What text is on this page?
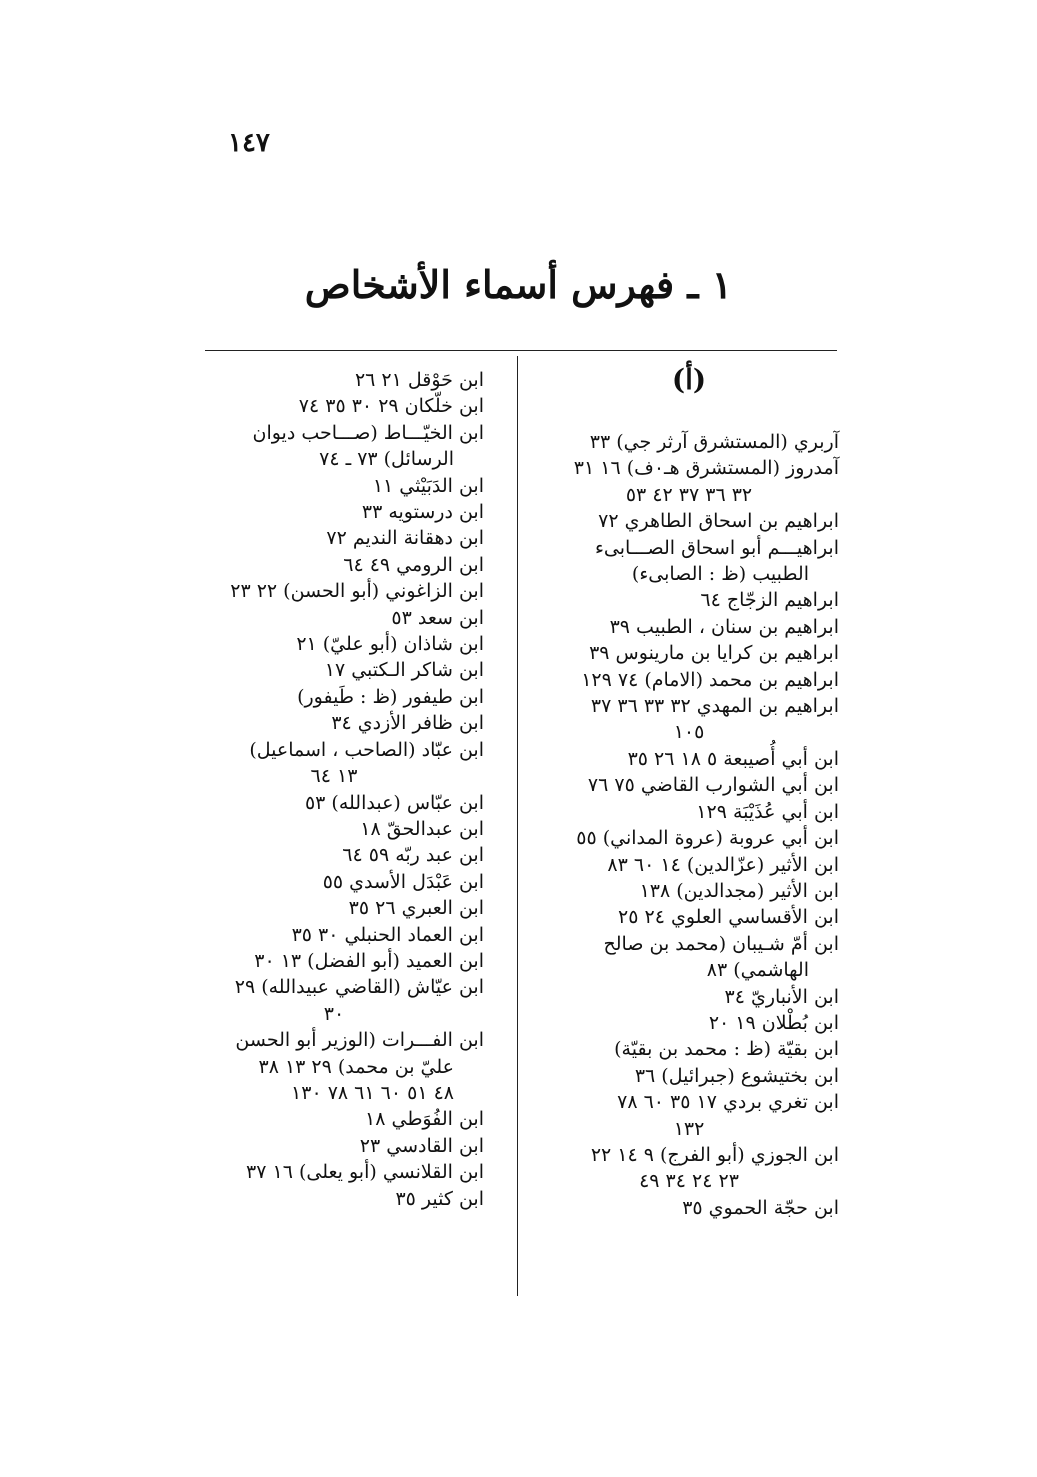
١٤٧
١ ـ فهرس أسماء الأشخاص
(أ)
آربري (المستشرق آرثر جي) ٣٣
آمدروز (المستشرق هـ٠ف) ١٦ ٣١
٣٢ ٣٦ ٣٧ ٤٢ ٥٣
ابراهيم بن اسحاق الطاهري ٧٢
ابراهيـــم أبو اسحاق الصـــابىء
الطبيب (ظ : الصابىء)
ابراهيم الزجّاج ٦٤
ابراهيم بن سنان ، الطبيب ٣٩
ابراهيم بن كرايا بن مارينوس ٣٩
ابراهيم بن محمد (الامام) ٧٤ ١٢٩
ابراهيم بن المهدي ٣٢ ٣٣ ٣٦ ٣٧
١٠٥
ابن أبي أُصيبعة ٥ ١٨ ٢٦ ٣٥
ابن أبي الشوارب القاضي ٧٥ ٧٦
ابن أبي عُذَيْبَة ١٢٩
ابن أبي عروبة (عروة المداني) ٥٥
ابن الأثير (عزّالدين) ١٤ ٦٠ ٨٣
ابن الأثير (مجدالدين) ١٣٨
ابن الأقساسي العلوي ٢٤ ٢٥
ابن أمّ شـيبان (محمد بن صالح
الهاشمي) ٨٣
ابن الأنباريّ ٣٤
ابن بُطْلان ١٩ ٢٠
ابن بقيّة (ظ : محمد بن بقيّة)
ابن بختيشوع (جبرائيل) ٣٦
ابن تغري بردي ١٧ ٣٥ ٦٠ ٧٨
١٣٢
ابن الجوزي (أبو الفرج) ٩ ١٤ ٢٢
٢٣ ٢٤ ٣٤ ٤٩
ابن حجّة الحموي ٣٥
ابن حَوْقل ٢١ ٢٦
ابن خلّكان ٢٩ ٣٠ ٣٥ ٧٤
ابن الخيّـــاط (صـــاحب ديوان
الرسائل) ٧٣ ـ ٧٤
ابن الدَبَيْثي ١١
ابن درستويه ٣٣
ابن دهقانة النديم ٧٢
ابن الرومي ٤٩ ٦٤
ابن الزاغوني (أبو الحسن) ٢٢ ٢٣
ابن سعد ٥٣
ابن شاذان (أبو عليّ) ٢١
ابن شاكر الـكتبي ١٧
ابن طيفور (ظ : طَيفور)
ابن ظافر الأزدي ٣٤
ابن عبّاد (الصاحب ، اسماعيل)
١٣ ٦٤
ابن عبّاس (عبدالله) ٥٣
ابن عبدالحقّ ١٨
ابن عبد ربّه ٥٩ ٦٤
ابن عَبْدَل الأسدي ٥٥
ابن العبري ٢٦ ٣٥
ابن العماد الحنبلي ٣٠ ٣٥
ابن العميد (أبو الفضل) ١٣ ٣٠
ابن عيّاش (القاضي عبيدالله) ٢٩
٣٠
ابن الفـــرات (الوزير أبو الحسن
عليّ بن محمد) ٢٩ ١٣ ٣٨
٤٨ ٥١ ٦٠ ٦١ ٧٨ ١٣٠
ابن الفُوَطي ١٨
ابن القادسي ٢٣
ابن القلانسي (أبو يعلى) ١٦ ٣٧
ابن كثير ٣٥
